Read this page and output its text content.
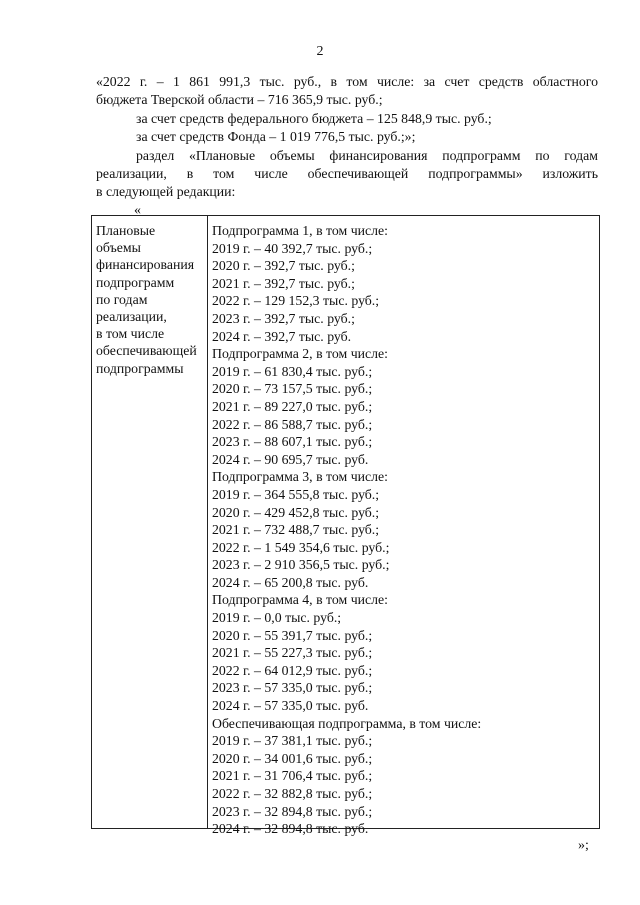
2

«2022 г. – 1 861 991,3 тыс. руб., в том числе: за счет средств областного

бюджета Тверской области – 716 365,9 тыс. руб.;

за счет средств федерального бюджета – 125 848,9 тыс. руб.;

за счет средств Фонда – 1 019 776,5 тыс. руб.;»;

раздел «Плановые объемы финансирования подпрограмм по годам

реализации, в том числе обеспечивающей подпрограммы» изложить

в следующей редакции:

«
Плановые
объемы
финансирования
подпрограмм
по годам
реализации,
в том числе
обеспечивающей
подпрограммы
Подпрограмма 1, в том числе:
2019 г. – 40 392,7 тыс. руб.;
2020 г. – 392,7 тыс. руб.;
2021 г. – 392,7 тыс. руб.;
2022 г. – 129 152,3 тыс. руб.;
2023 г. – 392,7 тыс. руб.;
2024 г. – 392,7 тыс. руб.
Подпрограмма 2, в том числе:
2019 г. – 61 830,4 тыс. руб.;
2020 г. – 73 157,5 тыс. руб.;
2021 г. – 89 227,0 тыс. руб.;
2022 г. – 86 588,7 тыс. руб.;
2023 г. – 88 607,1 тыс. руб.;
2024 г. – 90 695,7 тыс. руб.
Подпрограмма 3, в том числе:
2019 г. – 364 555,8 тыс. руб.;
2020 г. – 429 452,8 тыс. руб.;
2021 г. – 732 488,7 тыс. руб.;
2022 г. – 1 549 354,6 тыс. руб.;
2023 г. – 2 910 356,5 тыс. руб.;
2024 г. – 65 200,8 тыс. руб.
Подпрограмма 4, в том числе:
2019 г. – 0,0 тыс. руб.;
2020 г. – 55 391,7 тыс. руб.;
2021 г. – 55 227,3 тыс. руб.;
2022 г. – 64 012,9 тыс. руб.;
2023 г. – 57 335,0 тыс. руб.;
2024 г. – 57 335,0 тыс. руб.
Обеспечивающая подпрограмма, в том числе:
2019 г. – 37 381,1 тыс. руб.;
2020 г. – 34 001,6 тыс. руб.;
2021 г. – 31 706,4 тыс. руб.;
2022 г. – 32 882,8 тыс. руб.;
2023 г. – 32 894,8 тыс. руб.;
2024 г. – 32 894,8 тыс. руб.
»;
